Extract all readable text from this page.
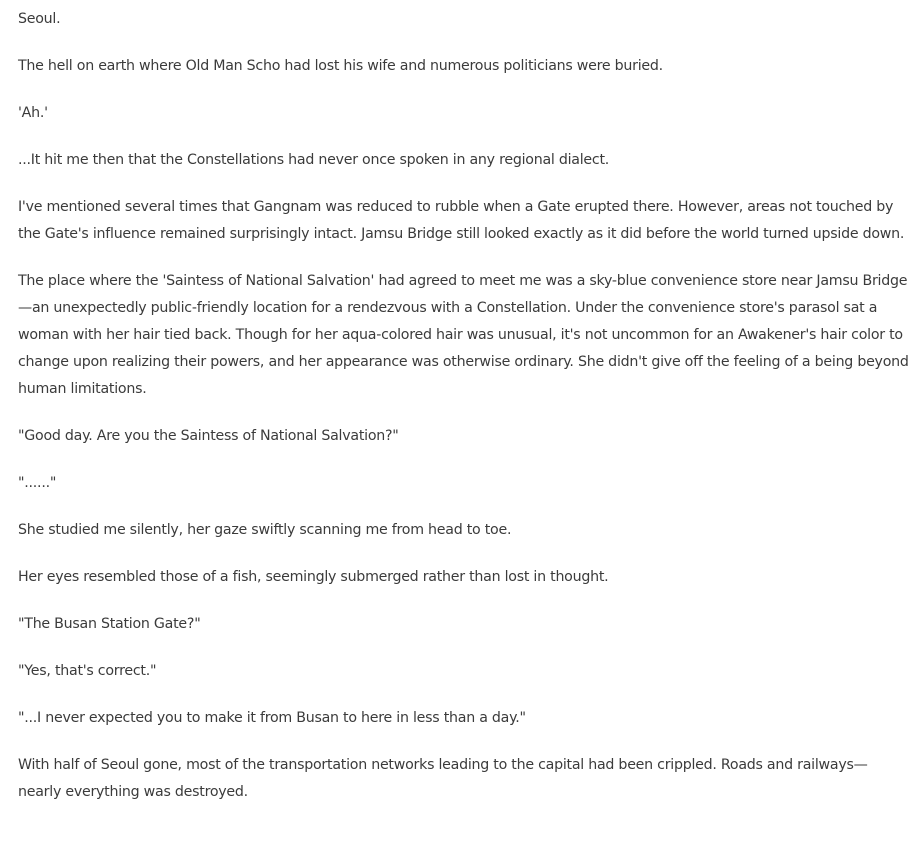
Seoul.

The hell on earth where Old Man Scho had lost his wife and numerous politicians were buried.

'Ah.'

...It hit me then that the Constellations had never once spoken in any regional dialect.

I've mentioned several times that Gangnam was reduced to rubble when a Gate erupted there. However, areas not touched by the Gate's influence remained surprisingly intact. Jamsu Bridge still looked exactly as it did before the world turned upside down.

The place where the 'Saintess of National Salvation' had agreed to meet me was a sky-blue convenience store near Jamsu Bridge—an unexpectedly public-friendly location for a rendezvous with a Constellation. Under the convenience store's parasol sat a woman with her hair tied back. Though for her aqua-colored hair was unusual, it's not uncommon for an Awakener's hair color to change upon realizing their powers, and her appearance was otherwise ordinary. She didn't give off the feeling of a being beyond human limitations.

"Good day. Are you the Saintess of National Salvation?"

"......"

She studied me silently, her gaze swiftly scanning me from head to toe.

Her eyes resembled those of a fish, seemingly submerged rather than lost in thought.

"The Busan Station Gate?"

"Yes, that's correct."

"...I never expected you to make it from Busan to here in less than a day."

With half of Seoul gone, most of the transportation networks leading to the capital had been crippled. Roads and railways—nearly everything was destroyed.
